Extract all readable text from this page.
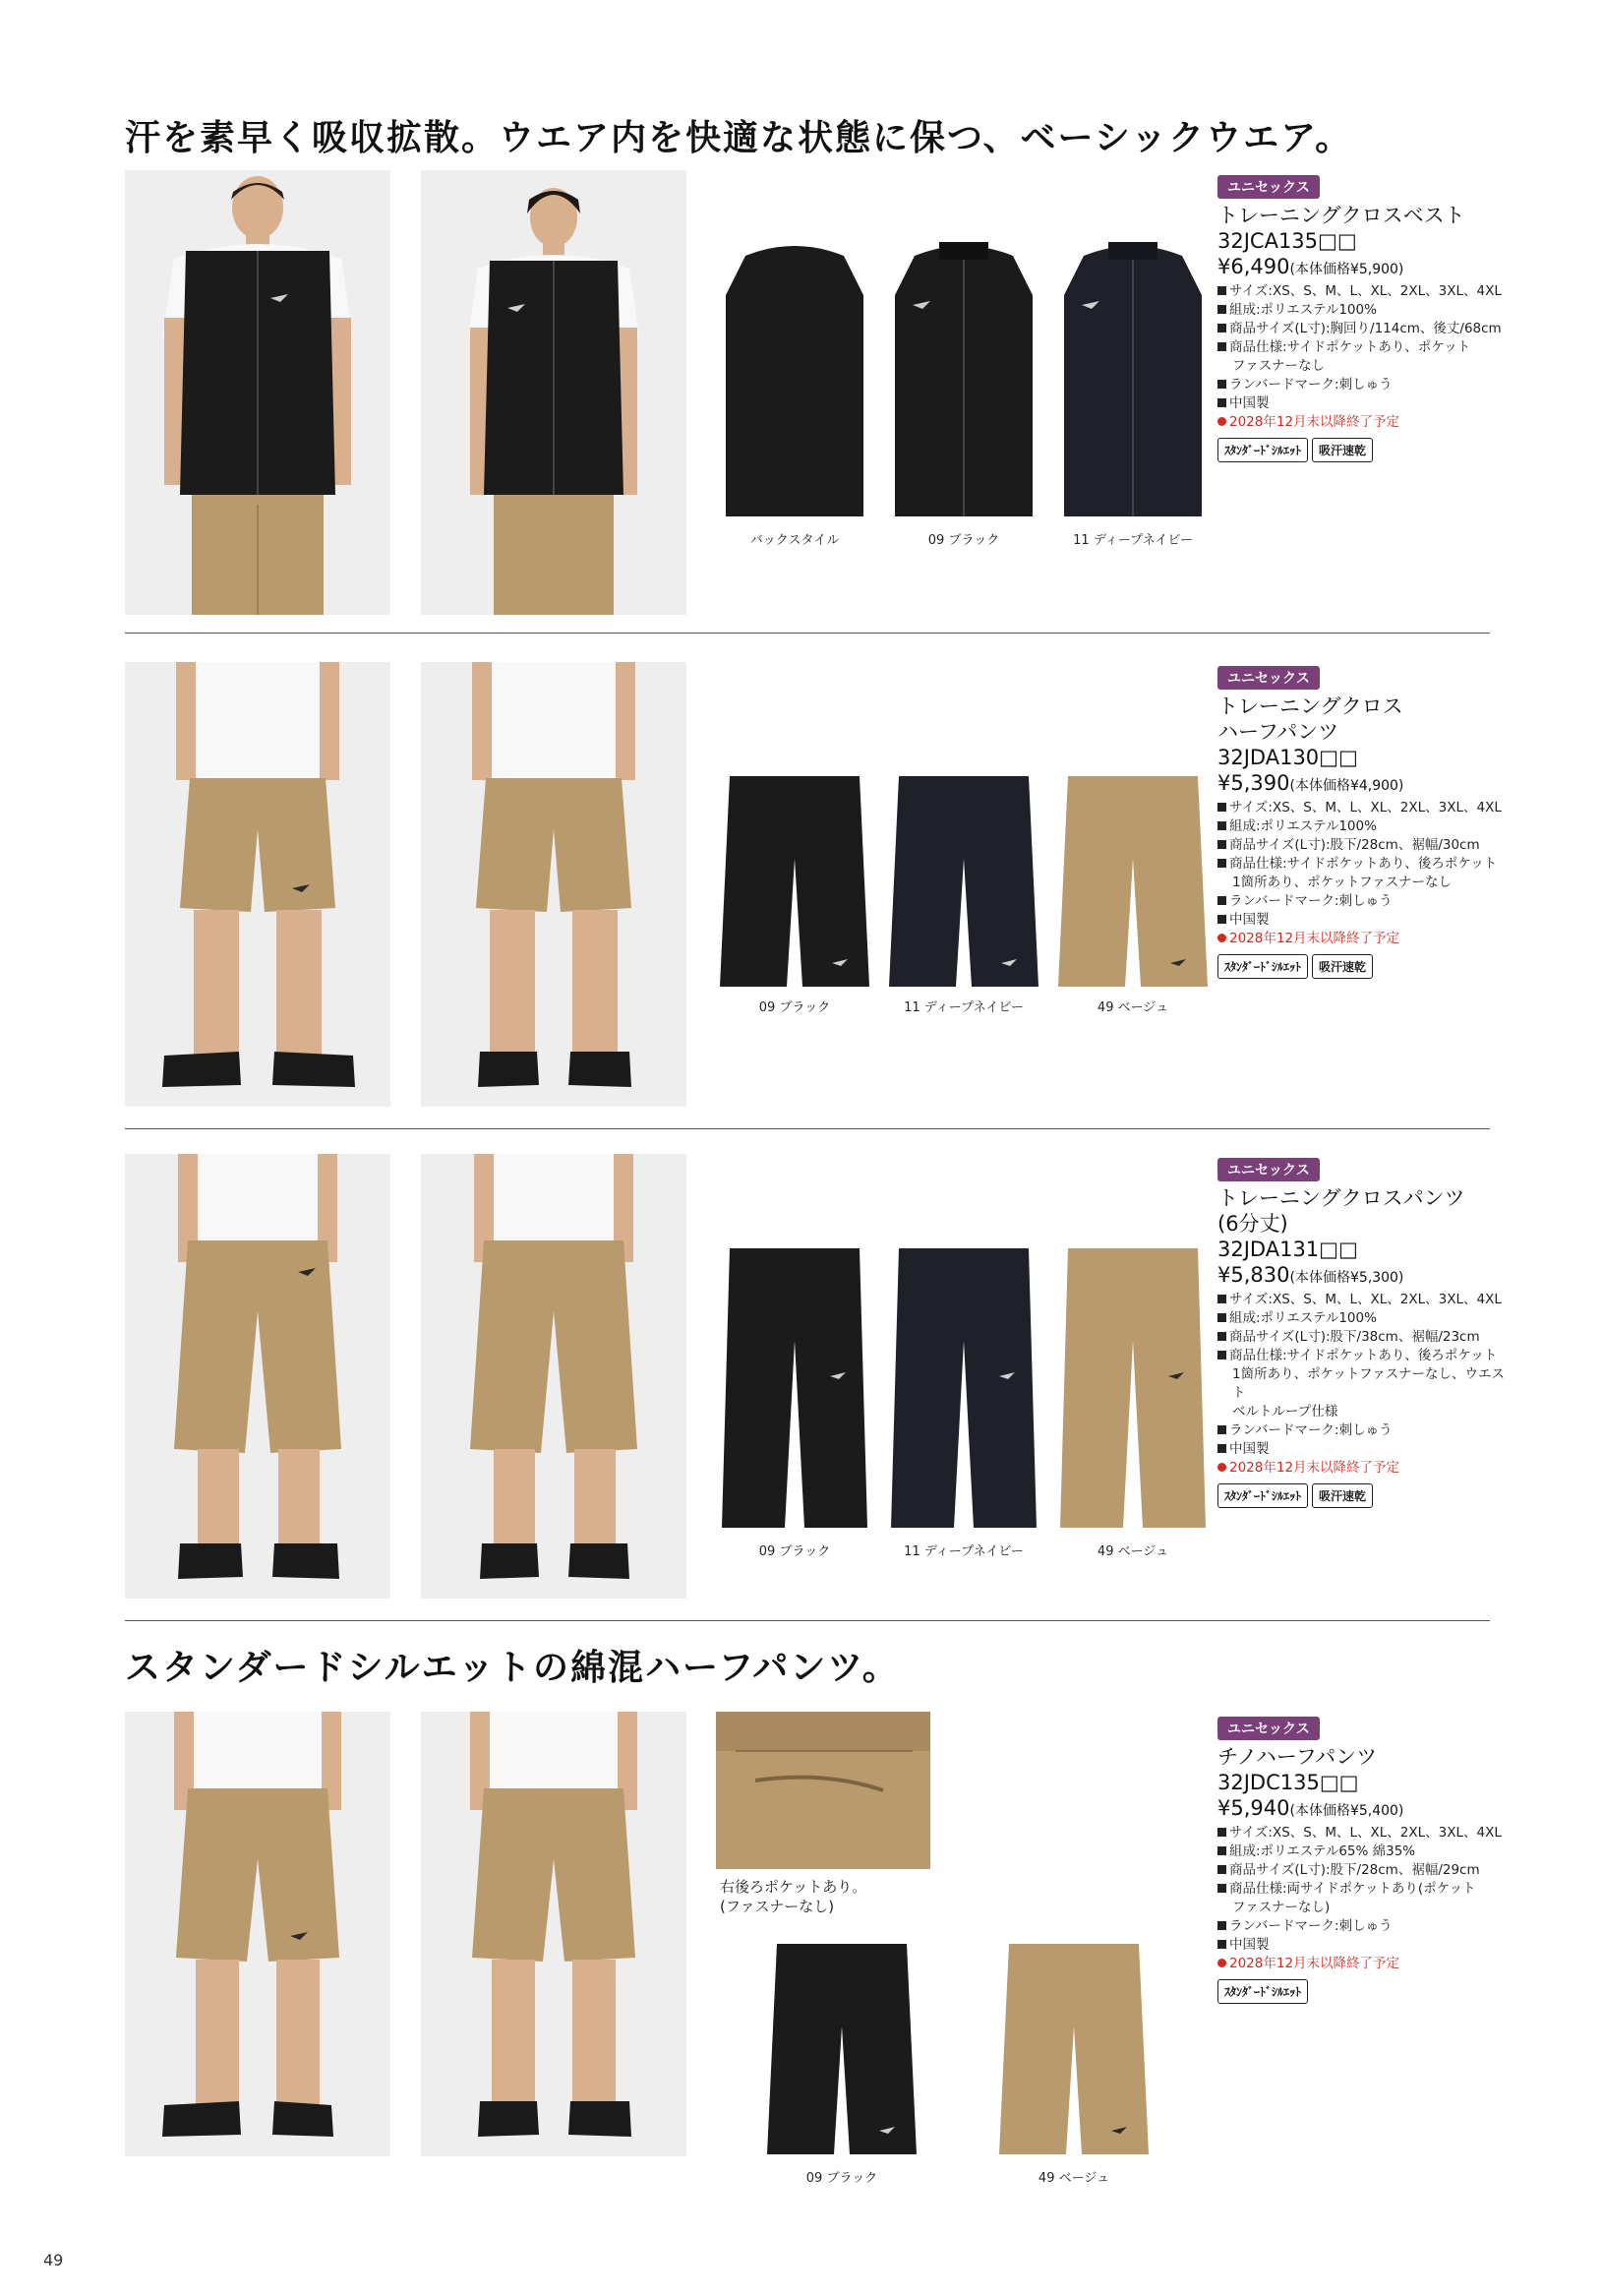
汗を素早く吸収拡散。ウエア内を快適な状態に保つ、ベーシックウエア。
スタンダードシルエットの綿混ハーフパンツ。
バックスタイル	09 ブラック	11 ディープネイビー
ユニセックス
トレーニングクロスベスト
32JCA135□□
¥6,490(本体価格¥5,900)
サイズ:XS、S、M、L、XL、2XL、3XL、4XL
組成:ポリエステル100%
商品サイズ(L寸):胸回り/114cm、後丈/68cm
商品仕様:サイドポケットあり、ポケット
ファスナーなし
ランバードマーク:刺しゅう
中国製
2028年12月末以降終了予定
ｽﾀﾝﾀﾞｰﾄﾞｼﾙｴｯﾄ 吸汗速乾
09 ブラック	11 ディープネイビー	49 ベージュ
ユニセックス
トレーニングクロス
ハーフパンツ
32JDA130□□
¥5,390(本体価格¥4,900)
サイズ:XS、S、M、L、XL、2XL、3XL、4XL
組成:ポリエステル100%
商品サイズ(L寸):股下/28cm、裾幅/30cm
商品仕様:サイドポケットあり、後ろポケット
1箇所あり、ポケットファスナーなし
ランバードマーク:刺しゅう
中国製
2028年12月末以降終了予定
ｽﾀﾝﾀﾞｰﾄﾞｼﾙｴｯﾄ 吸汗速乾
09 ブラック	11 ディープネイビー	49 ベージュ
ユニセックス
トレーニングクロスパンツ
(6分丈)
32JDA131□□
¥5,830(本体価格¥5,300)
サイズ:XS、S、M、L、XL、2XL、3XL、4XL
組成:ポリエステル100%
商品サイズ(L寸):股下/38cm、裾幅/23cm
商品仕様:サイドポケットあり、後ろポケット
1箇所あり、ポケットファスナーなし、ウエスト
ベルトループ仕様
ランバードマーク:刺しゅう
中国製
2028年12月末以降終了予定
ｽﾀﾝﾀﾞｰﾄﾞｼﾙｴｯﾄ 吸汗速乾
右後ろポケットあり。
(ファスナーなし)
09 ブラック	49 ベージュ
ユニセックス
チノハーフパンツ
32JDC135□□
¥5,940(本体価格¥5,400)
サイズ:XS、S、M、L、XL、2XL、3XL、4XL
組成:ポリエステル65% 綿35%
商品サイズ(L寸):股下/28cm、裾幅/29cm
商品仕様:両サイドポケットあり(ポケット
ファスナーなし)
ランバードマーク:刺しゅう
中国製
2028年12月末以降終了予定
ｽﾀﾝﾀﾞｰﾄﾞｼﾙｴｯﾄ
49
